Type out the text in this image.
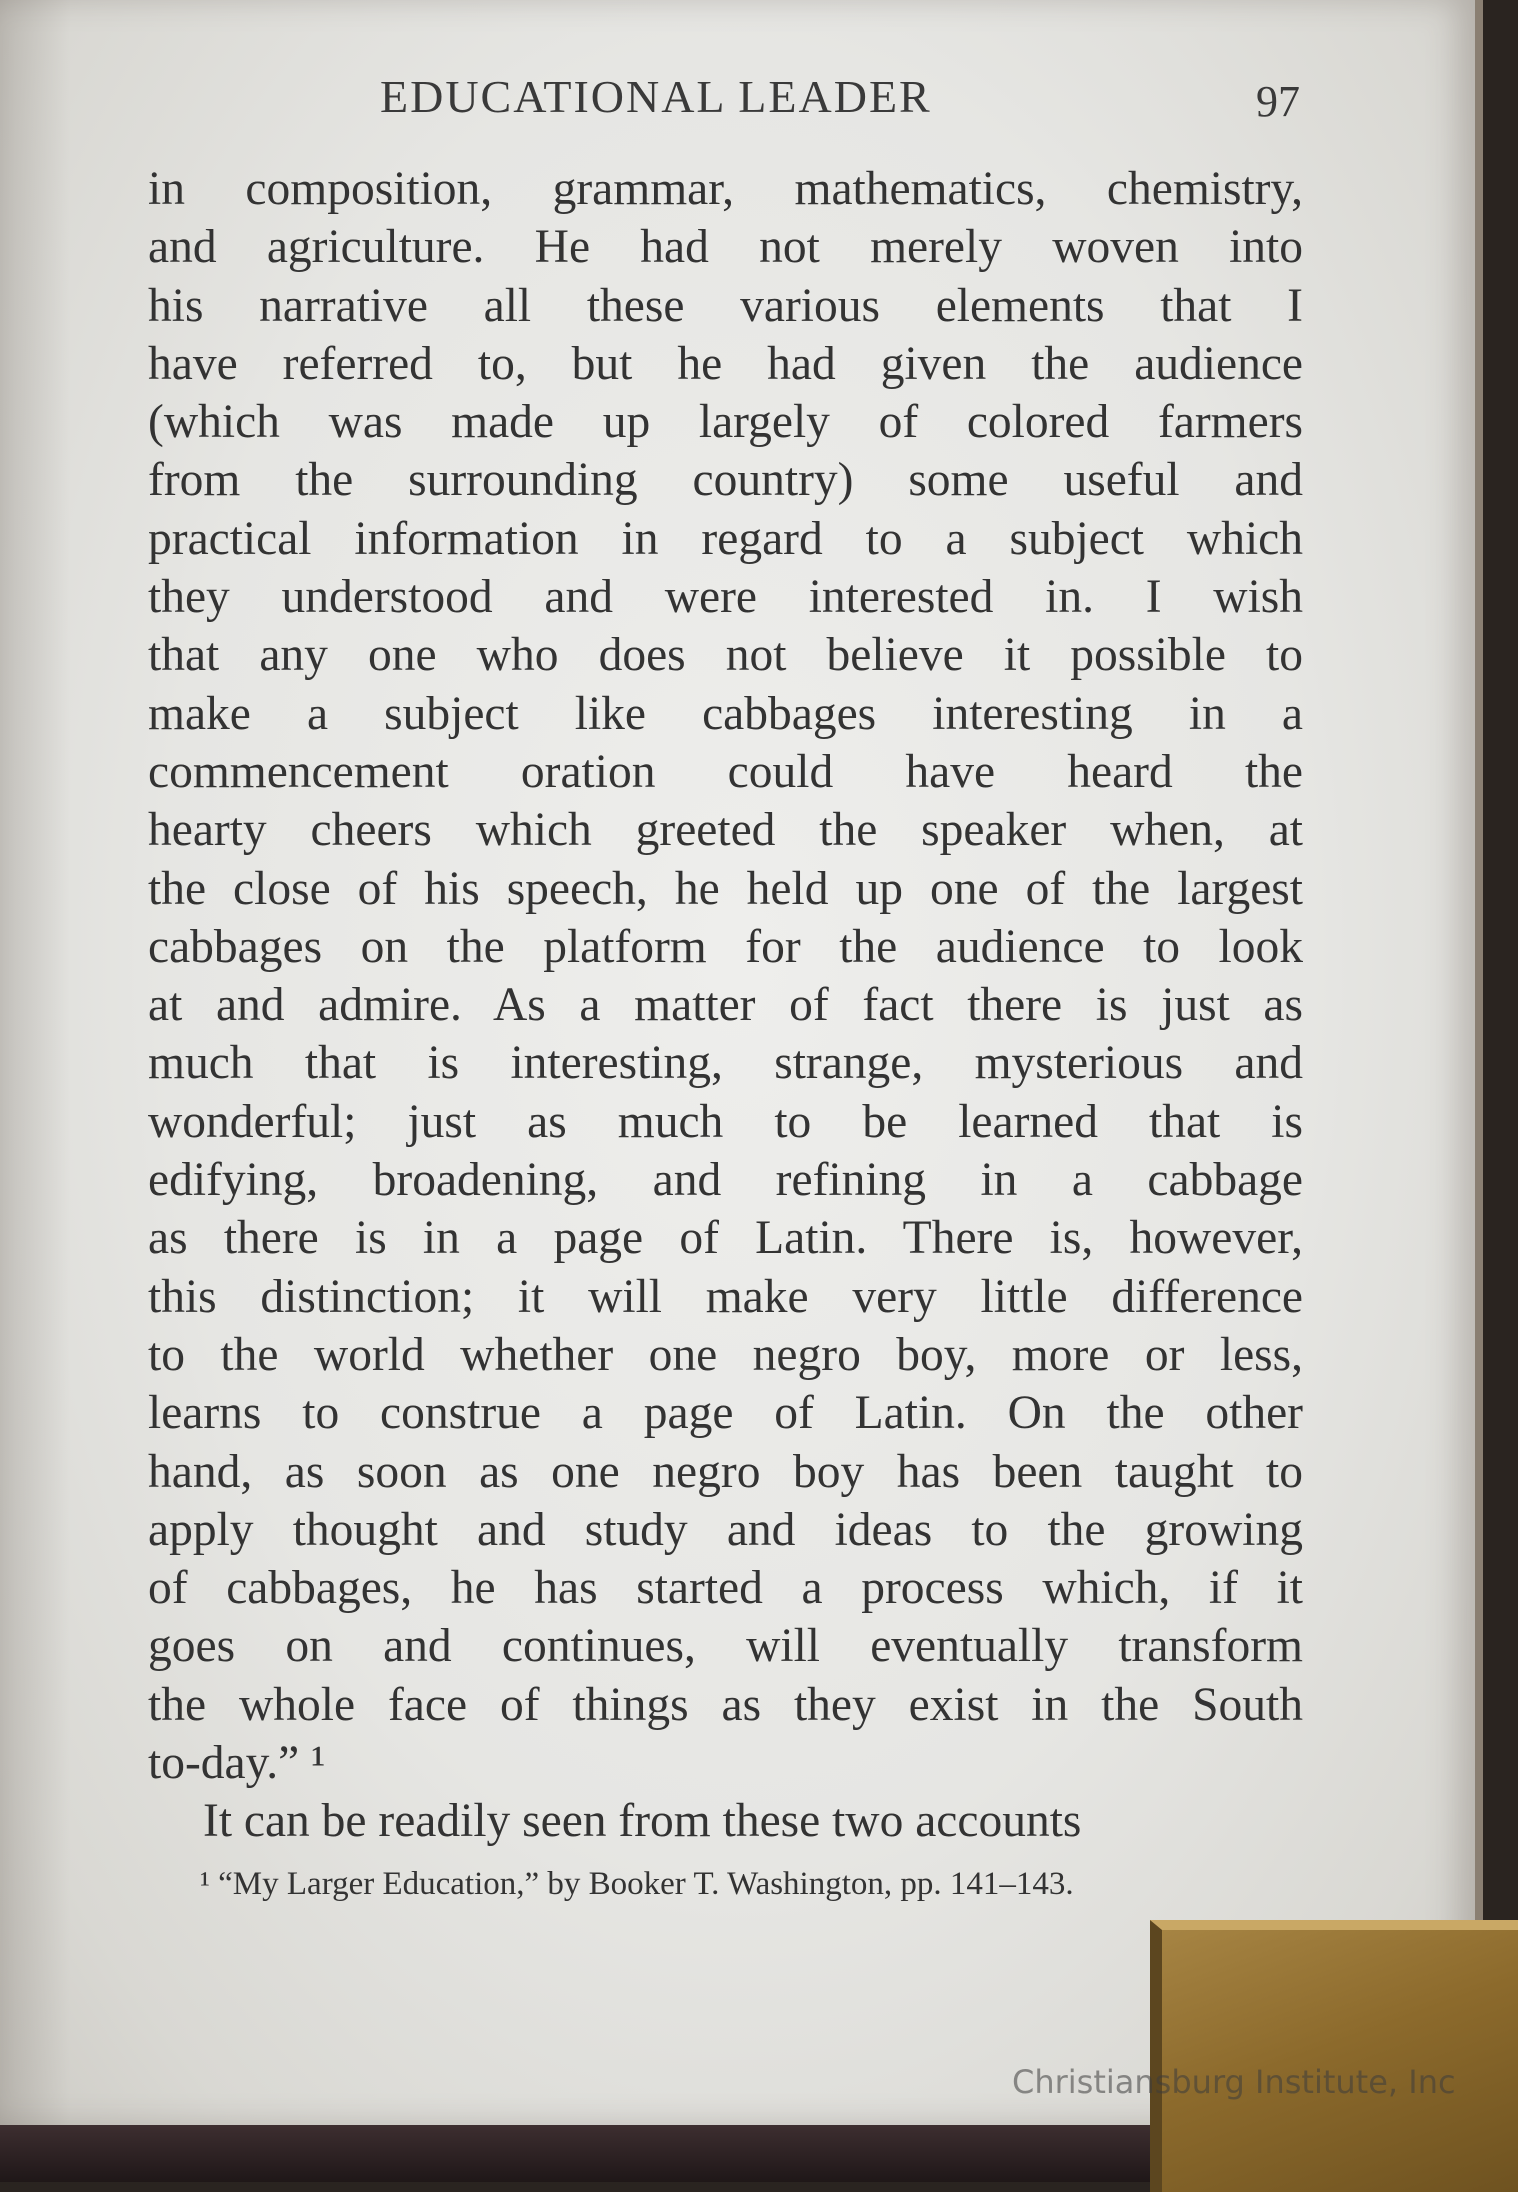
EDUCATIONAL LEADER	97
in composition, grammar, mathematics, chemistry,
and agriculture. He had not merely woven into
his narrative all these various elements that I
have referred to, but he had given the audience
(which was made up largely of colored farmers
from the surrounding country) some useful and
practical information in regard to a subject which
they understood and were interested in. I wish
that any one who does not believe it possible to
make a subject like cabbages interesting in a
commencement oration could have heard the
hearty cheers which greeted the speaker when, at
the close of his speech, he held up one of the largest
cabbages on the platform for the audience to look
at and admire. As a matter of fact there is just as
much that is interesting, strange, mysterious and
wonderful; just as much to be learned that is
edifying, broadening, and refining in a cabbage
as there is in a page of Latin. There is, however,
this distinction; it will make very little difference
to the world whether one negro boy, more or less,
learns to construe a page of Latin. On the other
hand, as soon as one negro boy has been taught to
apply thought and study and ideas to the growing
of cabbages, he has started a process which, if it
goes on and continues, will eventually transform
the whole face of things as they exist in the South
to-day.” ¹
It can be readily seen from these two accounts
¹ “My Larger Education,” by Booker T. Washington, pp. 141–143.
Christiansburg Institute, Inc
